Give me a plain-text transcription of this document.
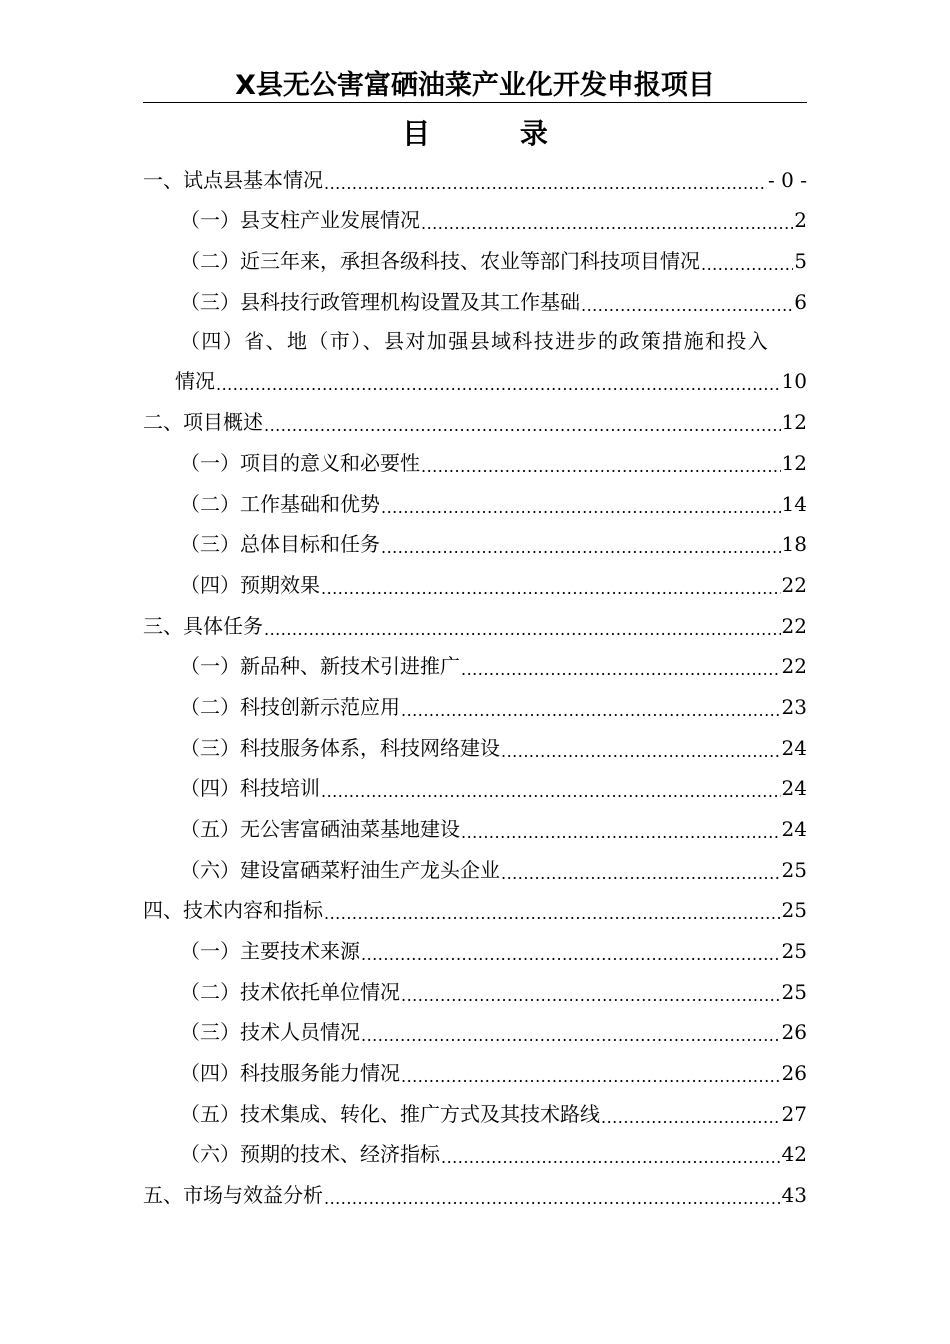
X县无公害富硒油菜产业化开发申报项目
目	录
一、试点县基本情况 .....	- 0 -
（一）县支柱产业发展情况 .....	2
（二）近三年来，承担各级科技、农业等部门科技项目情况 .....	5
（三）县科技行政管理机构设置及其工作基础 .....	6
（四）省、地（市）、县对加强县域科技进步的政策措施和投入
情况 .....	10
二、项目概述 .....	12
（一）项目的意义和必要性 .....	12
（二）工作基础和优势 .....	14
（三）总体目标和任务 .....	18
（四）预期效果 .....	22
三、具体任务 .....	22
（一）新品种、新技术引进推广 .....	22
（二）科技创新示范应用 .....	23
（三）科技服务体系，科技网络建设 .....	24
（四）科技培训 .....	24
（五）无公害富硒油菜基地建设 .....	24
（六）建设富硒菜籽油生产龙头企业 .....	25
四、技术内容和指标 .....	25
（一）主要技术来源 .....	25
（二）技术依托单位情况 .....	25
（三）技术人员情况 .....	26
（四）科技服务能力情况 .....	26
（五）技术集成、转化、推广方式及其技术路线 .....	27
（六）预期的技术、经济指标 .....	42
五、市场与效益分析 .....	43
